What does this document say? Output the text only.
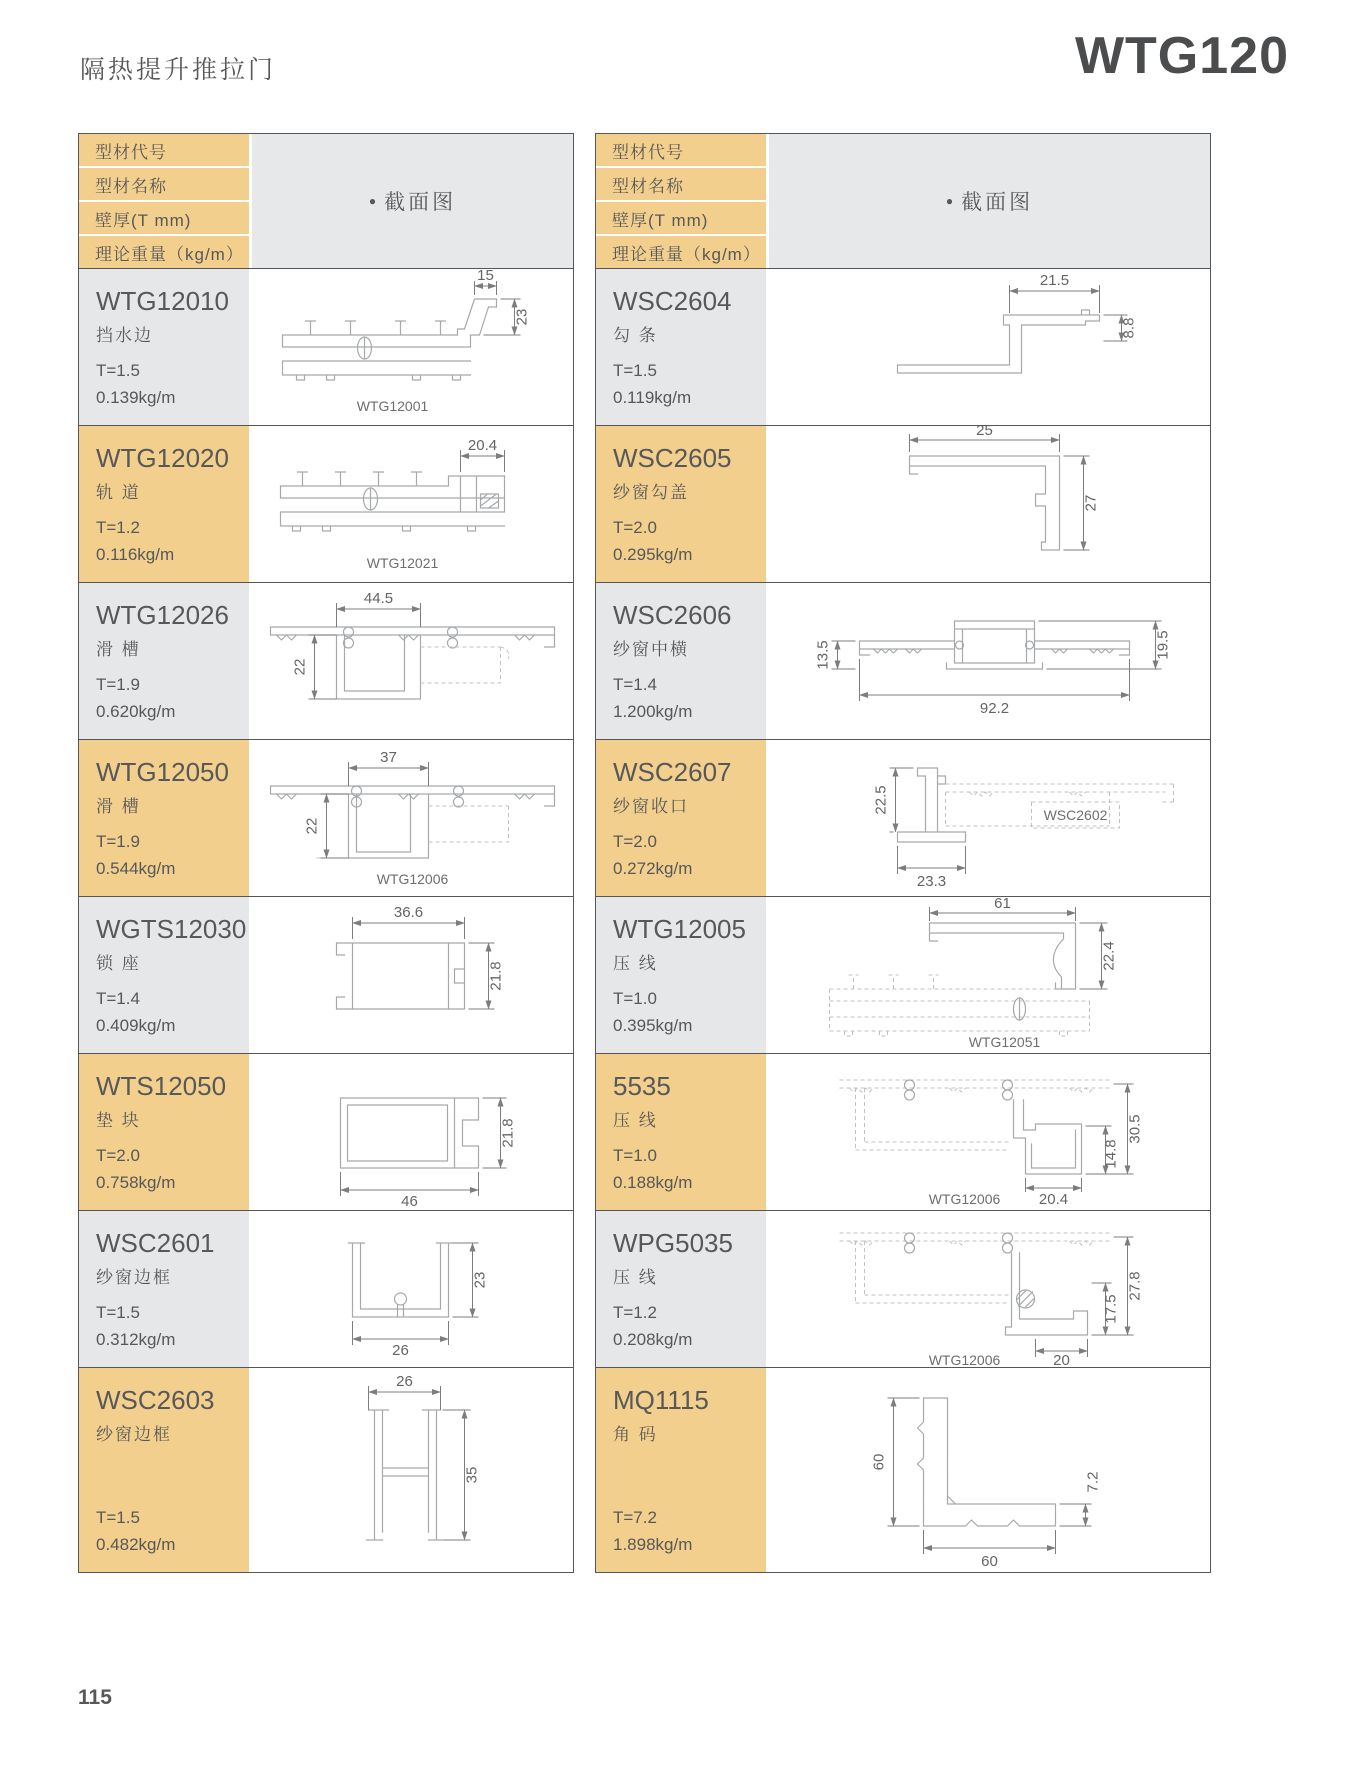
隔热提升推拉门	WTG120
型材代号
型材名称
壁厚(T mm)
理论重量（kg/m）
● 截面图
WTG12010
挡水边
T=1.5
0.139kg/m
15
23
WTG12001
WTG12020
轨 道
T=1.2
0.116kg/m
20.4
WTG12021
WTG12026
滑 槽
T=1.9
0.620kg/m
44.5
22
WTG12050
滑 槽
T=1.9
0.544kg/m
37
22
WTG12006
WGTS12030
锁 座
T=1.4
0.409kg/m
36.6
21.8
WTS12050
垫 块
T=2.0
0.758kg/m
21.8
46
WSC2601
纱窗边框
T=1.5
0.312kg/m
23
26
WSC2603
纱窗边框
T=1.5
0.482kg/m
26
35
型材代号
型材名称
壁厚(T mm)
理论重量（kg/m）
● 截面图
WSC2604
勾 条
T=1.5
0.119kg/m
21.5
8.8
WSC2605
纱窗勾盖
T=2.0
0.295kg/m
25
27
WSC2606
纱窗中横
T=1.4
1.200kg/m
13.5	19.5
92.2
WSC2607
纱窗收口
T=2.0
0.272kg/m
22.5
23.3
WSC2602
WTG12005
压 线
T=1.0
0.395kg/m
61
22.4
WTG12051
5535
压 线
T=1.0
0.188kg/m
14.8
30.5
20.4
WTG12006
WPG5035
压 线
T=1.2
0.208kg/m
17.5
27.8
20
WTG12006
MQ1115
角 码
T=7.2
1.898kg/m
60
7.2
60
115
